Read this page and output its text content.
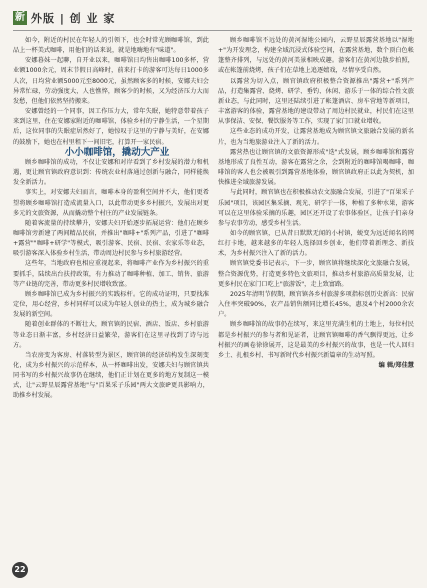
新 外版 | 创 业 家

如今，附近的村民在年轻人的引领下，也会时常光顾咖啡馆，到此品上一杯美式咖啡，用他们的话来说，就是地嗨地有"味道"。

安娜暮妹一起聊，自开业以来，咖啡馆日均售出咖啡100多杯，营业额1000余元，周末节假日高峰时，前来打卡的游客可达每日1000多人次，日均营业额5000元至8000元，虽然顾客多的时候，安娜夫妇会异常忙碌，劳动强度大，人也憔悴，顾客少的时候，又为经济压力大而发愁，但他们依然坚持搬来。

安娜曾经的一个同事，因工作压力大，常年失眠，她特意带着孩子来到这里，住在安娜家附近的咖啡馆，体验乡村的宁静生活，一个星期后，这位同事的失眠症居然好了，她惊叹于这里的宁静与美好，在安娜的鼓励下，她也在村里租下一间旧宅，打算开一家民宿。

小小咖啡馆，撬动大产业

顾乡咖啡馆的成功，不仅让安娜和对岸看到了乡村发展的潜力和机遇，更让顾官镇政府意识到：传统农业村落通过创新与融合，同样能焕发全新活力。

事实上，对安娜夫妇而言，咖啡本身的盈利空间并不大，他们更希望将顾乡咖啡馆打造成流量入口，以此带动更多乡村振兴，发展出对更多元的文旅资源，从而撬动整个村庄的产业发展链条。

随着客流量的持续攀升，安娜夫妇开始逐步拓展运营：他们在顾乡咖啡馆旁新建了两间精品民宿，并推出"咖啡+"系列产品，引进了"咖啡+露营""咖啡+研学"等模式，吸引游客、民宿、民宿、农家乐等业态，吸引游客深入体验乡村生活，带动周边村民参与乡村旅游经营。

这些年，当地政府也相应重视起来，将咖啡产业作为乡村振兴的重要抓手，陆续出台扶持政策，有力推动了咖啡种植、加工、销售、旅游等产业链的完善，带动更多村民增收致富。

顾乡咖啡馆已成为乡村振兴的实践标杆。它的成功证明，只要找准定位，用心经营，乡村同样可以成为年轻人创业的热土，成为城乡融合发展的新空间。

随着创业群体的不断壮大，顾官镇的民宿、酒店、饭店、乡村旅游等业态日渐丰富，乡村经济日益繁荣，游客们在这里寻找到了诗与远方。

当农房变为客房、村落转型为景区，顾官镇的经济结构发生深刻变化，成为乡村振兴的示范样本，从一杯咖啡出发，安娜夫妇与顾官镇共同书写的乡村振兴故事仍在继续，他们正计划在更多的地方复制这一模式，让"云野星辰露营基地"与"百果采子乐园"两大文旅IP更具影响力，助推乡村发展。

顾乡咖啡馆不远处的黄河湿地公园内，云野星辰露营基地以"湿地+"为开发理念，构建全域沉浸式体验空间，在露营基地，数个顶白色帐篷整齐排列，与远处的黄河美景相映成趣。游客们在黄河边散步拍照，或在帐篷前烧烤，孩子们在草地上追逐嬉戏，尽情享受自然。

以露营为切入点，顾官镇政府积极整合资源推出"露营+"系列产品，打造集露营、烧烤、研学、垂钓、休闲、游乐于一体的综合性文旅新业态，与此同时，这里还陆续引进了帐篷酒店、房车营地等新项目，丰富游客的体验，露营基地的建设带动了周边村民就业，村民们在这里从事保洁、安保、餐饮服务等工作，实现了家门口就业增收。

这些业态的成功开发，让露营基地成为顾官镇文旅融合发展的新名片，也为当地旅游业注入了新的活力。

露营热也让顾官镇的文旅资源形成"迭"式发展，顾乡咖啡馆和露营基地形成了良性互动，游客在露营之余，会到附近的咖啡馆喝咖啡，咖啡馆的客人也会被吸引到露营基地体验，顾官镇政府正以此为契机，加快推进全域旅游发展。

与此同时，顾官镇也在积极推动农文旅融合发展，引进了"百果采子乐园"项目，该园区集采摘、观光、研学于一体，种植了多种水果，游客可以在这里体验采摘的乐趣，园区还开设了农事体验区，让孩子们亲身参与农事劳动，感受乡村生活。

如今的顾官镇，已从昔日默默无闻的小村镇，蜕变为远近闻名的网红打卡地，越来越多的年轻人选择回乡创业，他们带着新理念、新技术，为乡村振兴注入了新的活力。

顾官镇党委书记表示，下一步，顾官镇将继续深化文旅融合发展，整合资源优势，打造更多特色文旅项目，推动乡村旅游高质量发展，让更多村民在家门口吃上"旅游饭"，走上致富路。

2025年清明节假期，顾官镇各乡村旅游多项指标创历史新高：民宿入住率突破90%，农产品销售额同比增长45%，惠及4个村2000余农户。

顾乡咖啡馆的故事仍在续写，来这里充满生机的土地上，每位村民都是乡村振兴的参与者和见证者，让顾官镇咖啡的香气飘得更远，让乡村振兴的画卷徐徐展开，这是最美的乡村振兴的故事，也是一代人回归乡土、扎根乡村、书写新时代乡村振兴新篇章的生动写照。

编 辑/郑佳慧

22
